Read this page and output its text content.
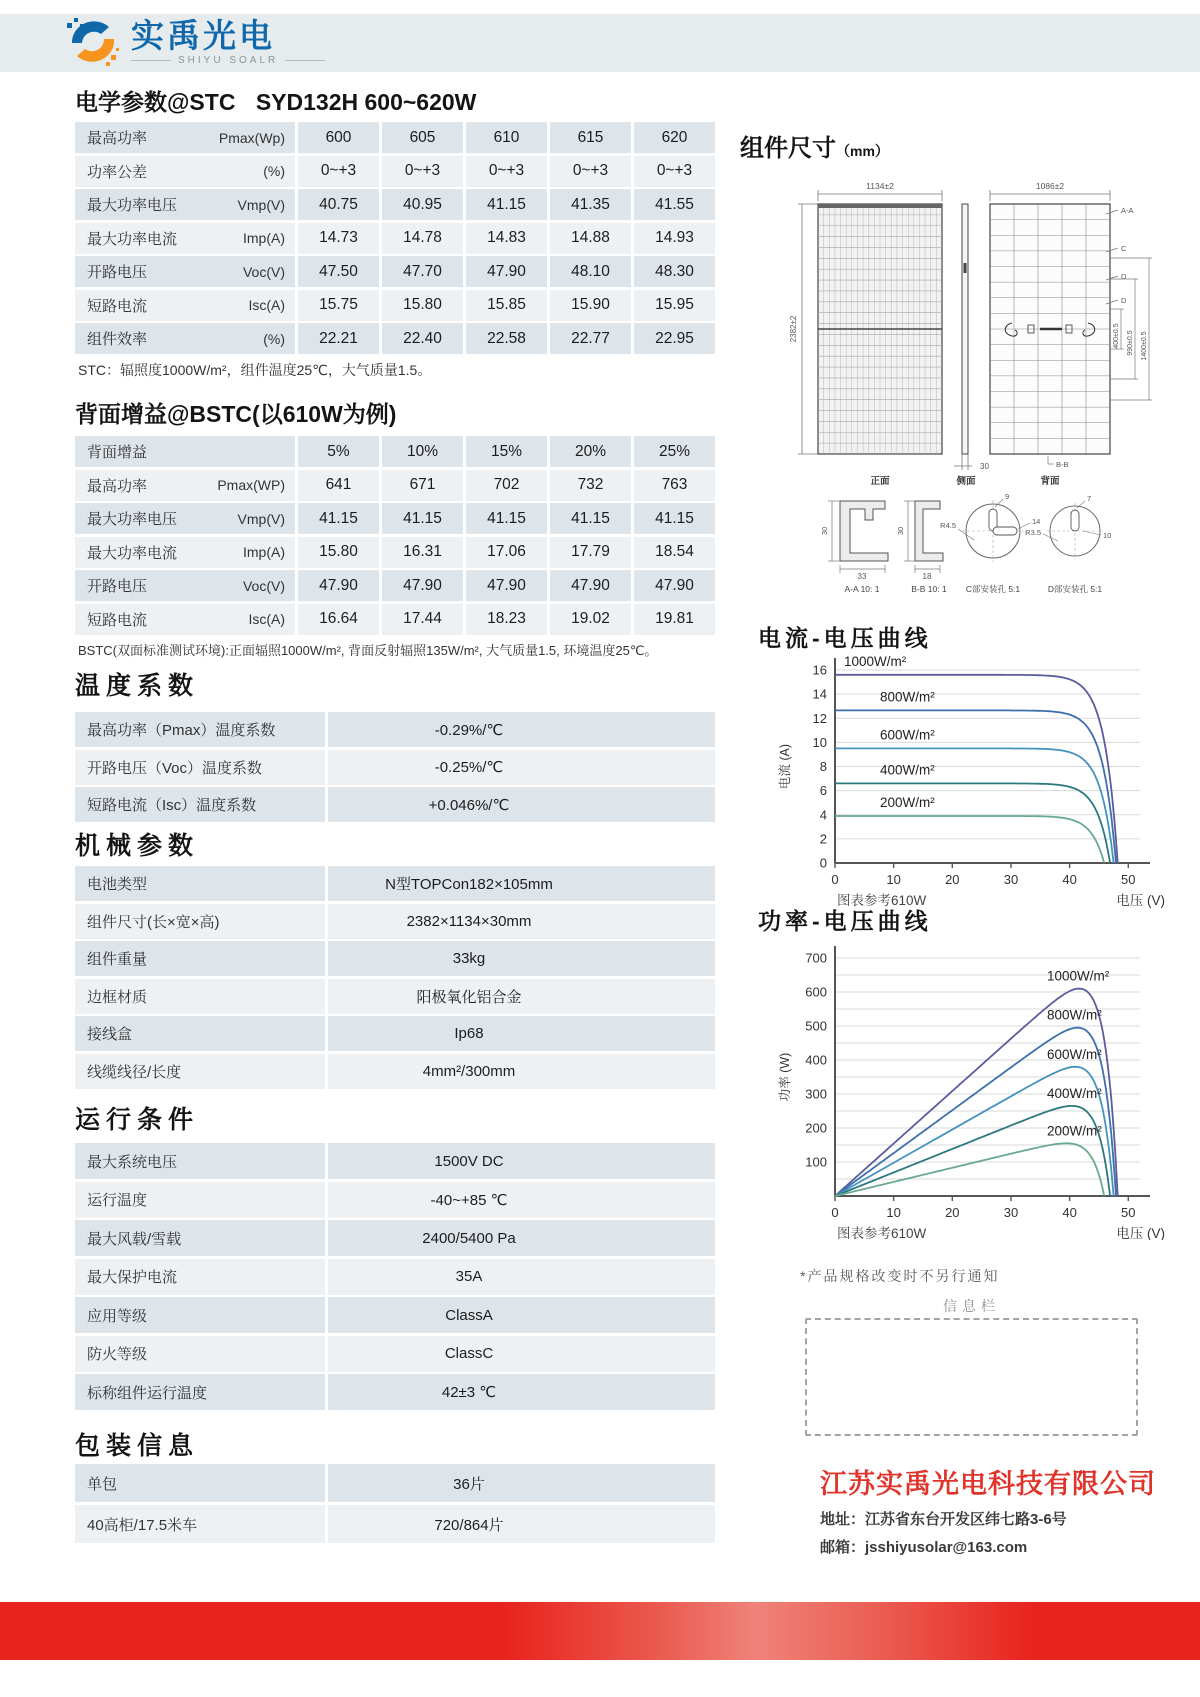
实禹光电
SHIYU SOALR
电学参数@STC SYD132H 600~620W
最高功率	Pmax(Wp)	600	605	610	615	620
功率公差	(%)	0~+3	0~+3	0~+3	0~+3	0~+3
最大功率电压	Vmp(V)	40.75	40.95	41.15	41.35	41.55
最大功率电流	Imp(A)	14.73	14.78	14.83	14.88	14.93
开路电压	Voc(V)	47.50	47.70	47.90	48.10	48.30
短路电流	Isc(A)	15.75	15.80	15.85	15.90	15.95
组件效率	(%)	22.21	22.40	22.58	22.77	22.95
STC：辐照度1000W/m²，组件温度25℃，大气质量1.5。
背面增益@BSTC(以610W为例)
背面增益	5%	10%	15%	20%	25%
最高功率	Pmax(WP)	641	671	702	732	763
最大功率电压	Vmp(V)	41.15	41.15	41.15	41.15	41.15
最大功率电流	Imp(A)	15.80	16.31	17.06	17.79	18.54
开路电压	Voc(V)	47.90	47.90	47.90	47.90	47.90
短路电流	Isc(A)	16.64	17.44	18.23	19.02	19.81
BSTC(双面标准测试环境):正面辐照1000W/m², 背面反射辐照135W/m², 大气质量1.5, 环境温度25℃。
温度系数
最高功率（Pmax）温度系数	-0.29%/℃
开路电压（Voc）温度系数	-0.25%/℃
短路电流（Isc）温度系数	+0.046%/℃
机械参数
电池类型	N型TOPCon182×105mm
组件尺寸(长×宽×高)	2382×1134×30mm
组件重量	33kg
边框材质	阳极氧化铝合金
接线盒	Ip68
线缆线径/长度	4mm²/300mm
运行条件
最大系统电压	1500V DC
运行温度	-40~+85 ℃
最大风载/雪载	2400/5400 Pa
最大保护电流	35A
应用等级	ClassA
防火等级	ClassC
标称组件运行温度	42±3 ℃
包装信息
单包	36片
40高柜/17.5米车	720/864片
组件尺寸（mm）
1134±2	1086±2
2382±2
30
400±0.5 990±0.5 1400±0.5
A-A
C
D
D
B-B
正面	侧面	背面
30
33
A-A 10: 1
30
18
B-B 10: 1
9
14
R4.5
C部安装孔 5:1
7
10
R3.5
D部安装孔 5:1
电流-电压曲线
0
2
4
6
8
10
12
14
16
0	10	20	30	40	50
电流 (A)
电压 (V)
图表参考610W
1000W/m²
800W/m²
600W/m²
400W/m²
200W/m²
功率-电压曲线
100
200
300
400
500
600
700
0	10	20	30	40	50
功率 (W)
电压 (V)
图表参考610W
1000W/m²
800W/m²
600W/m²
400W/m²
200W/m²
*产品规格改变时不另行通知
信息栏
江苏实禹光电科技有限公司
地址：江苏省东台开发区纬七路3-6号
邮箱：jsshiyusolar@163.com
